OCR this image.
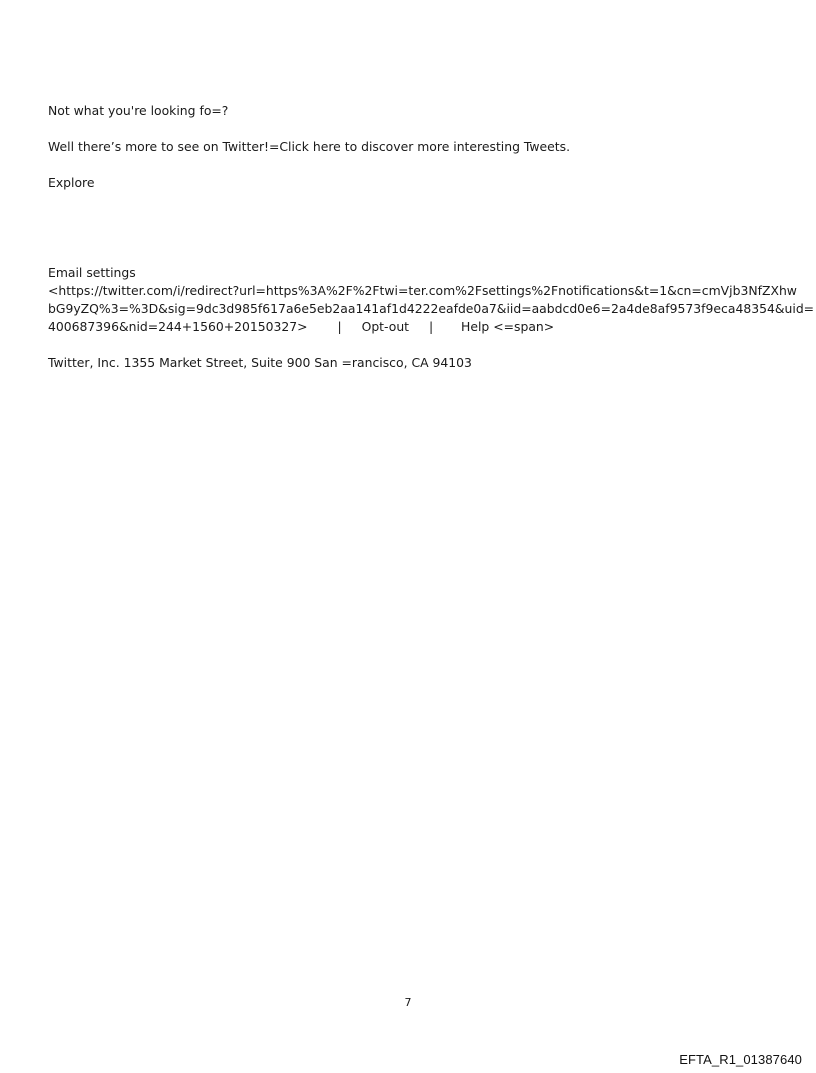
Not what you're looking fo=?
Well there’s more to see on Twitter!=Click here to discover more interesting Tweets.
Explore
Email settings
<https://twitter.com/i/redirect?url=https%3A%2F%2Ftwi=ter.com%2Fsettings%2Fnotifications&t=1&cn=cmVjb3NfZXhw
bG9yZQ%3=%3D&sig=9dc3d985f617a6e5eb2aa141af1d4222eafde0a7&iid=aabdcd0e6=2a4de8af9573f9eca48354&uid=
400687396&nid=244+1560+20150327> | Opt-out | Help <=span>
Twitter, Inc. 1355 Market Street, Suite 900 San =rancisco, CA 94103
7
EFTA_R1_01387640
